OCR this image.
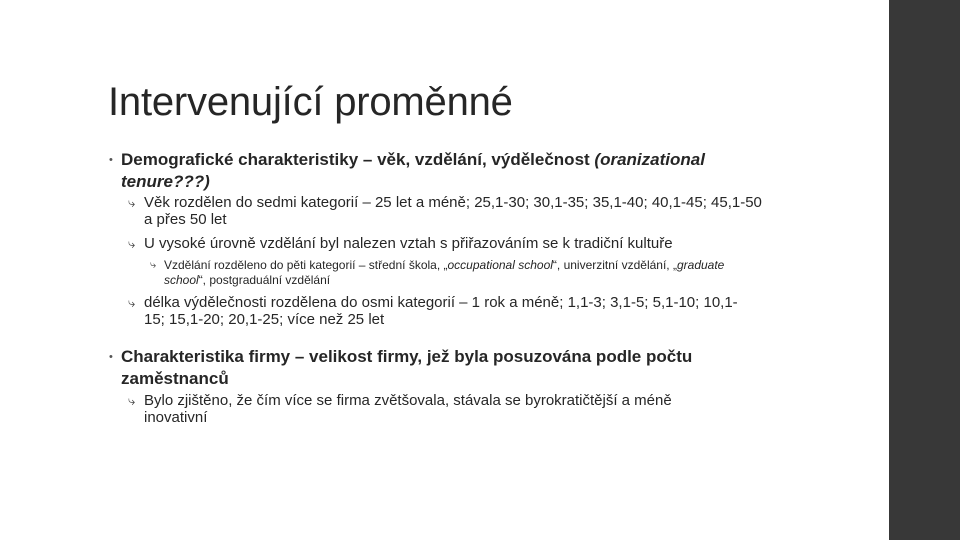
Intervenující proměnné
• Demografické charakteristiky – věk, vzdělání, výdělečnost (oranizational tenure???)
⤷ Věk rozdělen do sedmi kategorií – 25 let a méně; 25,1-30; 30,1-35; 35,1-40; 40,1-45; 45,1-50 a přes 50 let
⤷ U vysoké úrovně vzdělání byl nalezen vztah s přiřazováním se k tradiční kultuře
⤷ Vzdělání rozděleno do pěti kategorií – střední škola, „occupational school“, univerzitní vzdělání, „graduate school“, postgraduální vzdělání
⤷ délka výdělečnosti rozdělena do osmi kategorií – 1 rok a méně; 1,1-3; 3,1-5; 5,1-10; 10,1-15; 15,1-20; 20,1-25; více než 25 let
• Charakteristika firmy – velikost firmy, jež byla posuzována podle počtu zaměstnanců
⤷ Bylo zjištěno, že čím více se firma zvětšovala, stávala se byrokratičtější a méně inovativní
